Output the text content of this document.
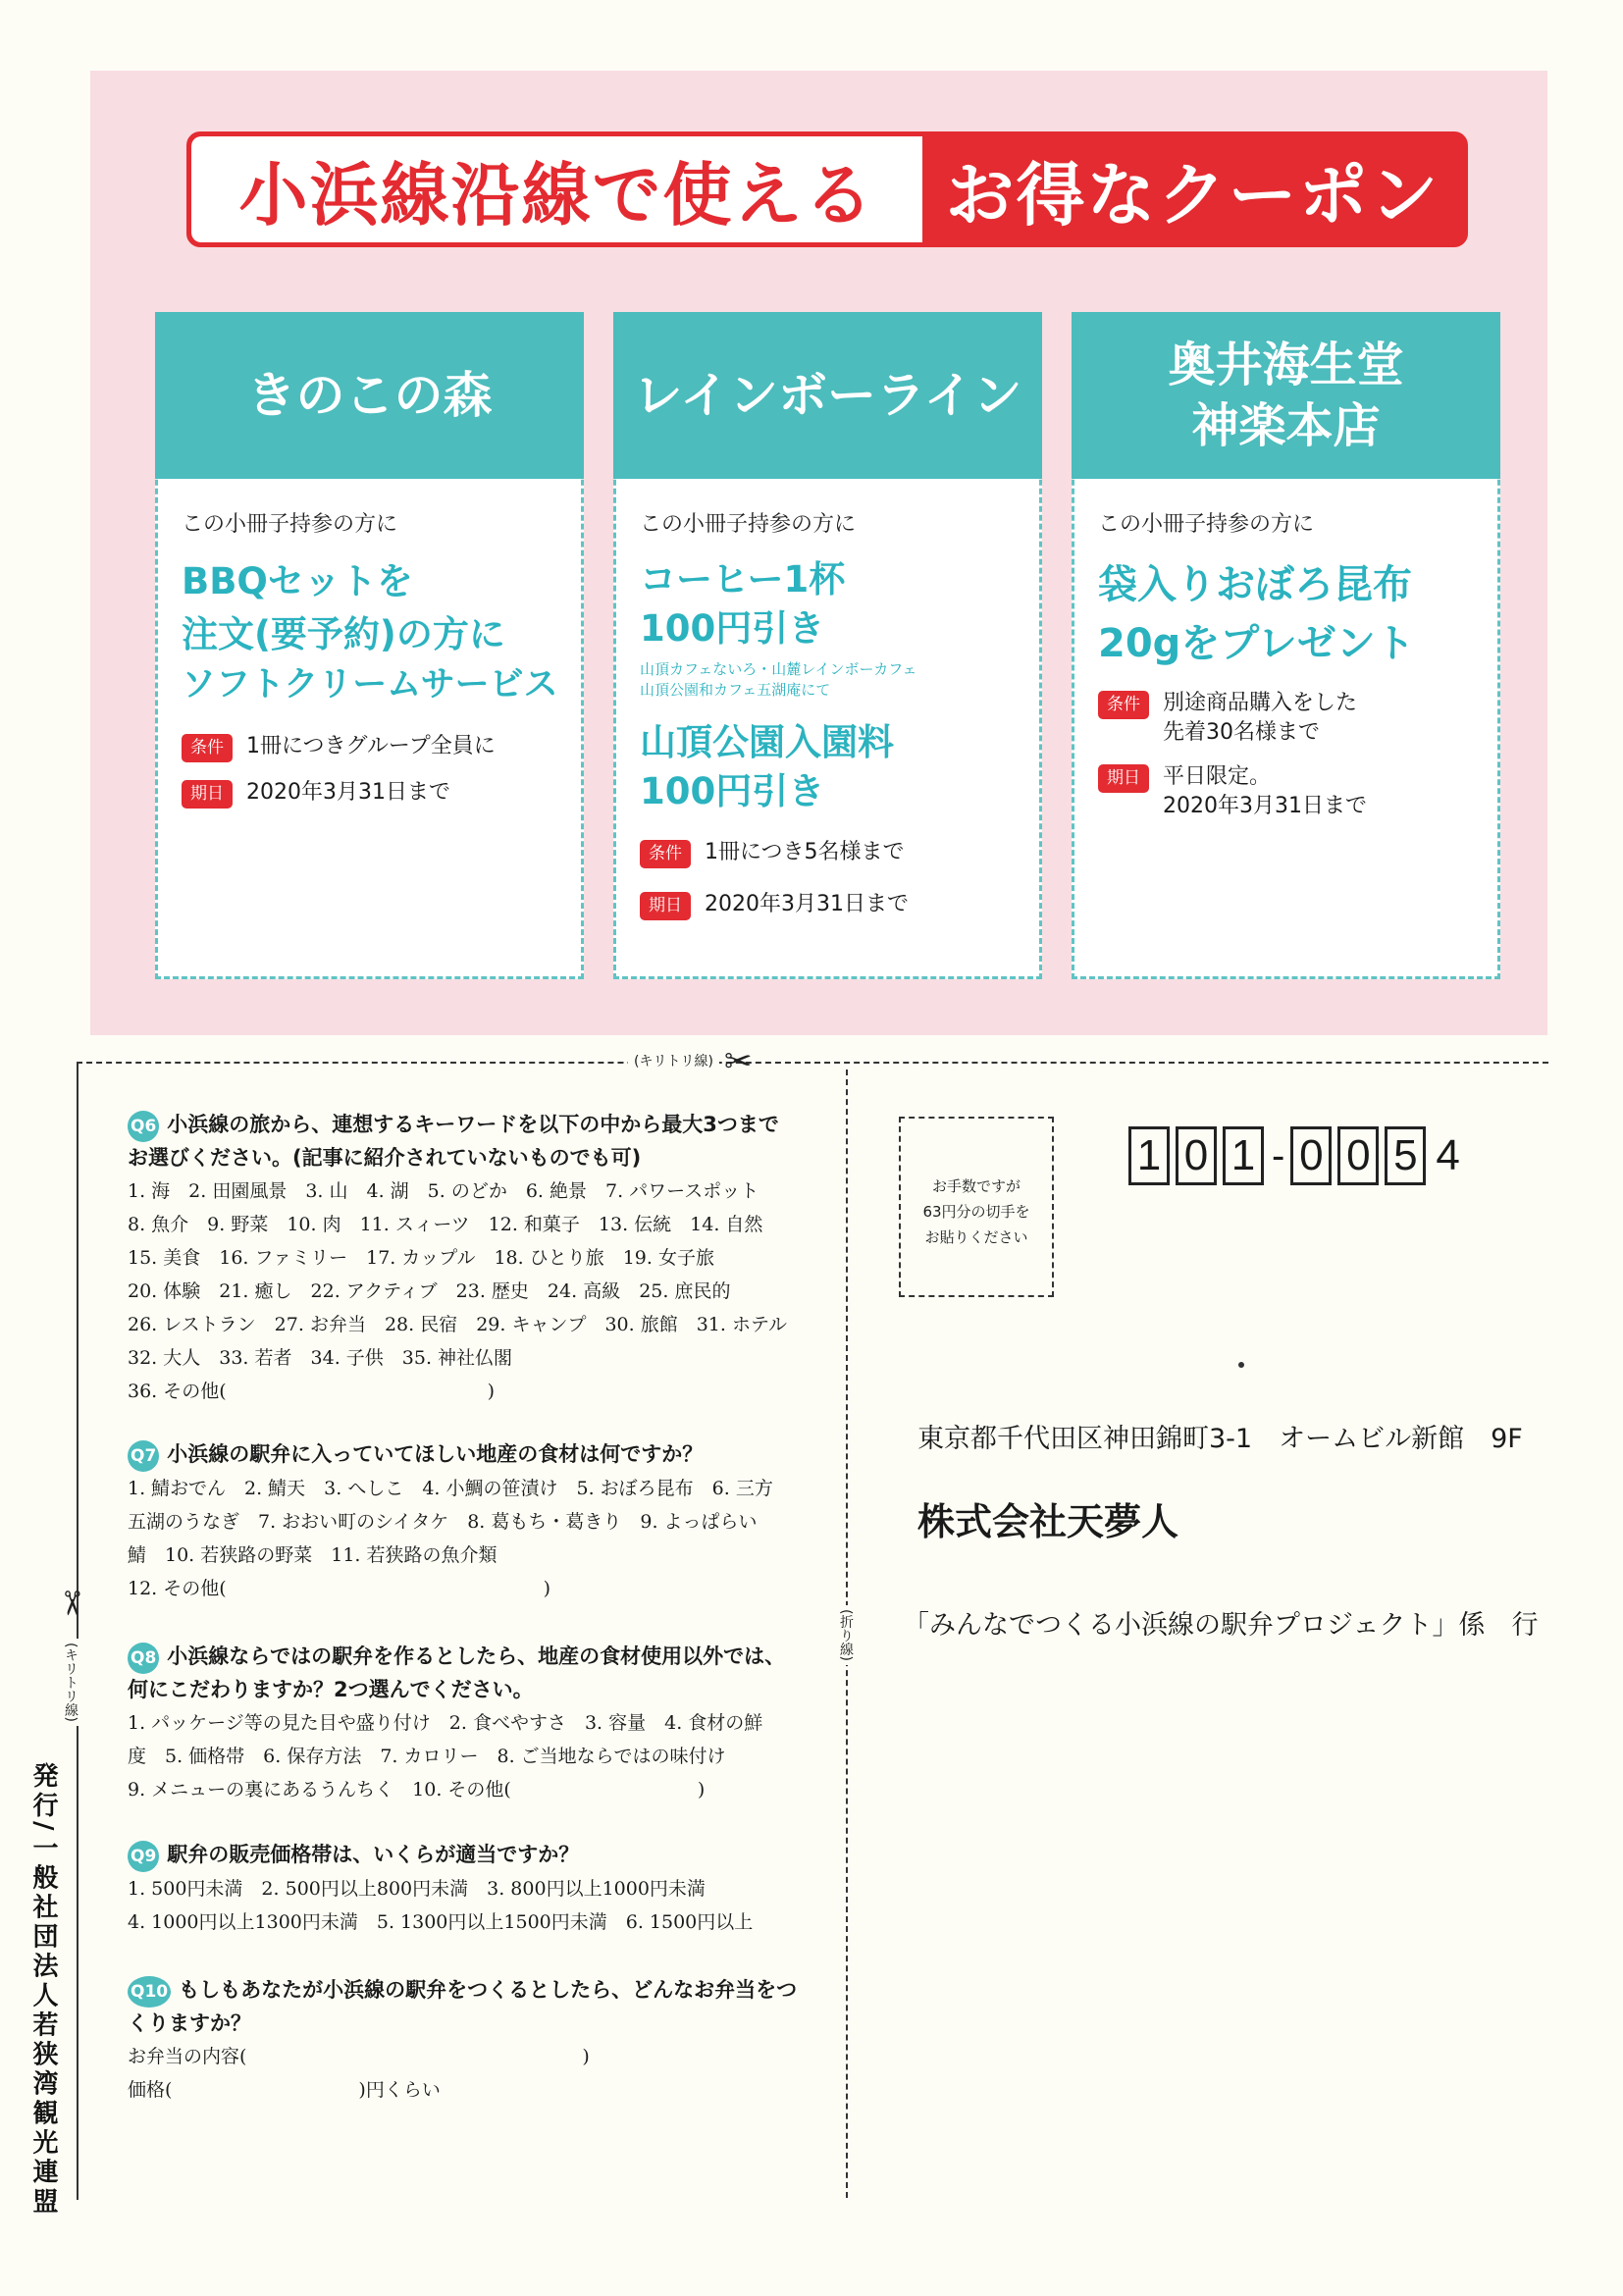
小浜線沿線で使える	お得なクーポン
きのこの森
この小冊子持参の方に
BBQセットを
注文(要予約)の方に
ソフトクリームサービス
条件	1冊につきグループ全員に
期日	2020年3月31日まで
レインボーライン
この小冊子持参の方に
コーヒー1杯
100円引き
山頂カフェないろ・山麓レインボーカフェ
山頂公園和カフェ五湖庵にて
山頂公園入園料
100円引き
条件	1冊につき5名様まで
期日	2020年3月31日まで
奥井海生堂
神楽本店
この小冊子持参の方に
袋入りおぼろ昆布
20gをプレゼント
条件	別途商品購入をした
先着30名様まで
期日	平日限定。
2020年3月31日まで
(キリトリ線) ✂
✂
(キリトリ線)
(折り線)
発行/一般社団法人若狭湾観光連盟
Q6 小浜線の旅から、連想するキーワードを以下の中から最大3つまで
お選びください。(記事に紹介されていないものでも可)
1. 海　2. 田園風景　3. 山　4. 湖　5. のどか　6. 絶景　7. パワースポット
8. 魚介　9. 野菜　10. 肉　11. スィーツ　12. 和菓子　13. 伝統　14. 自然
15. 美食　16. ファミリー　17. カップル　18. ひとり旅　19. 女子旅
20. 体験　21. 癒し　22. アクティブ　23. 歴史　24. 高級　25. 庶民的
26. レストラン　27. お弁当　28. 民宿　29. キャンプ　30. 旅館　31. ホテル
32. 大人　33. 若者　34. 子供　35. 神社仏閣
36. その他(　　　　　　　　　　　　　　)
Q7 小浜線の駅弁に入っていてほしい地産の食材は何ですか？
1. 鯖おでん　2. 鯖天　3. へしこ　4. 小鯛の笹漬け　5. おぼろ昆布　6. 三方
五湖のうなぎ　7. おおい町のシイタケ　8. 葛もち・葛きり　9. よっぱらい
鯖　10. 若狭路の野菜　11. 若狭路の魚介類
12. その他(　　　　　　　　　　　　　　　　　)
Q8 小浜線ならではの駅弁を作るとしたら、地産の食材使用以外では、
何にこだわりますか？2つ選んでください。
1. パッケージ等の見た目や盛り付け　2. 食べやすさ　3. 容量　4. 食材の鮮
度　5. 価格帯　6. 保存方法　7. カロリー　8. ご当地ならではの味付け
9. メニューの裏にあるうんちく　10. その他(　　　　　　　　　　)
Q9 駅弁の販売価格帯は、いくらが適当ですか？
1. 500円未満　2. 500円以上800円未満　3. 800円以上1000円未満
4. 1000円以上1300円未満　5. 1300円以上1500円未満　6. 1500円以上
Q10 もしもあなたが小浜線の駅弁をつくるとしたら、どんなお弁当をつ
くりますか？
お弁当の内容(　　　　　　　　　　　　　　　　　　)
価格(　　　　　　　　　　)円くらい
お手数ですが
63円分の切手を
お貼りください
1 0 1 - 0 0 5 4
東京都千代田区神田錦町3-1　オームビル新館　9F
株式会社天夢人
「みんなでつくる小浜線の駅弁プロジェクト」係　行
